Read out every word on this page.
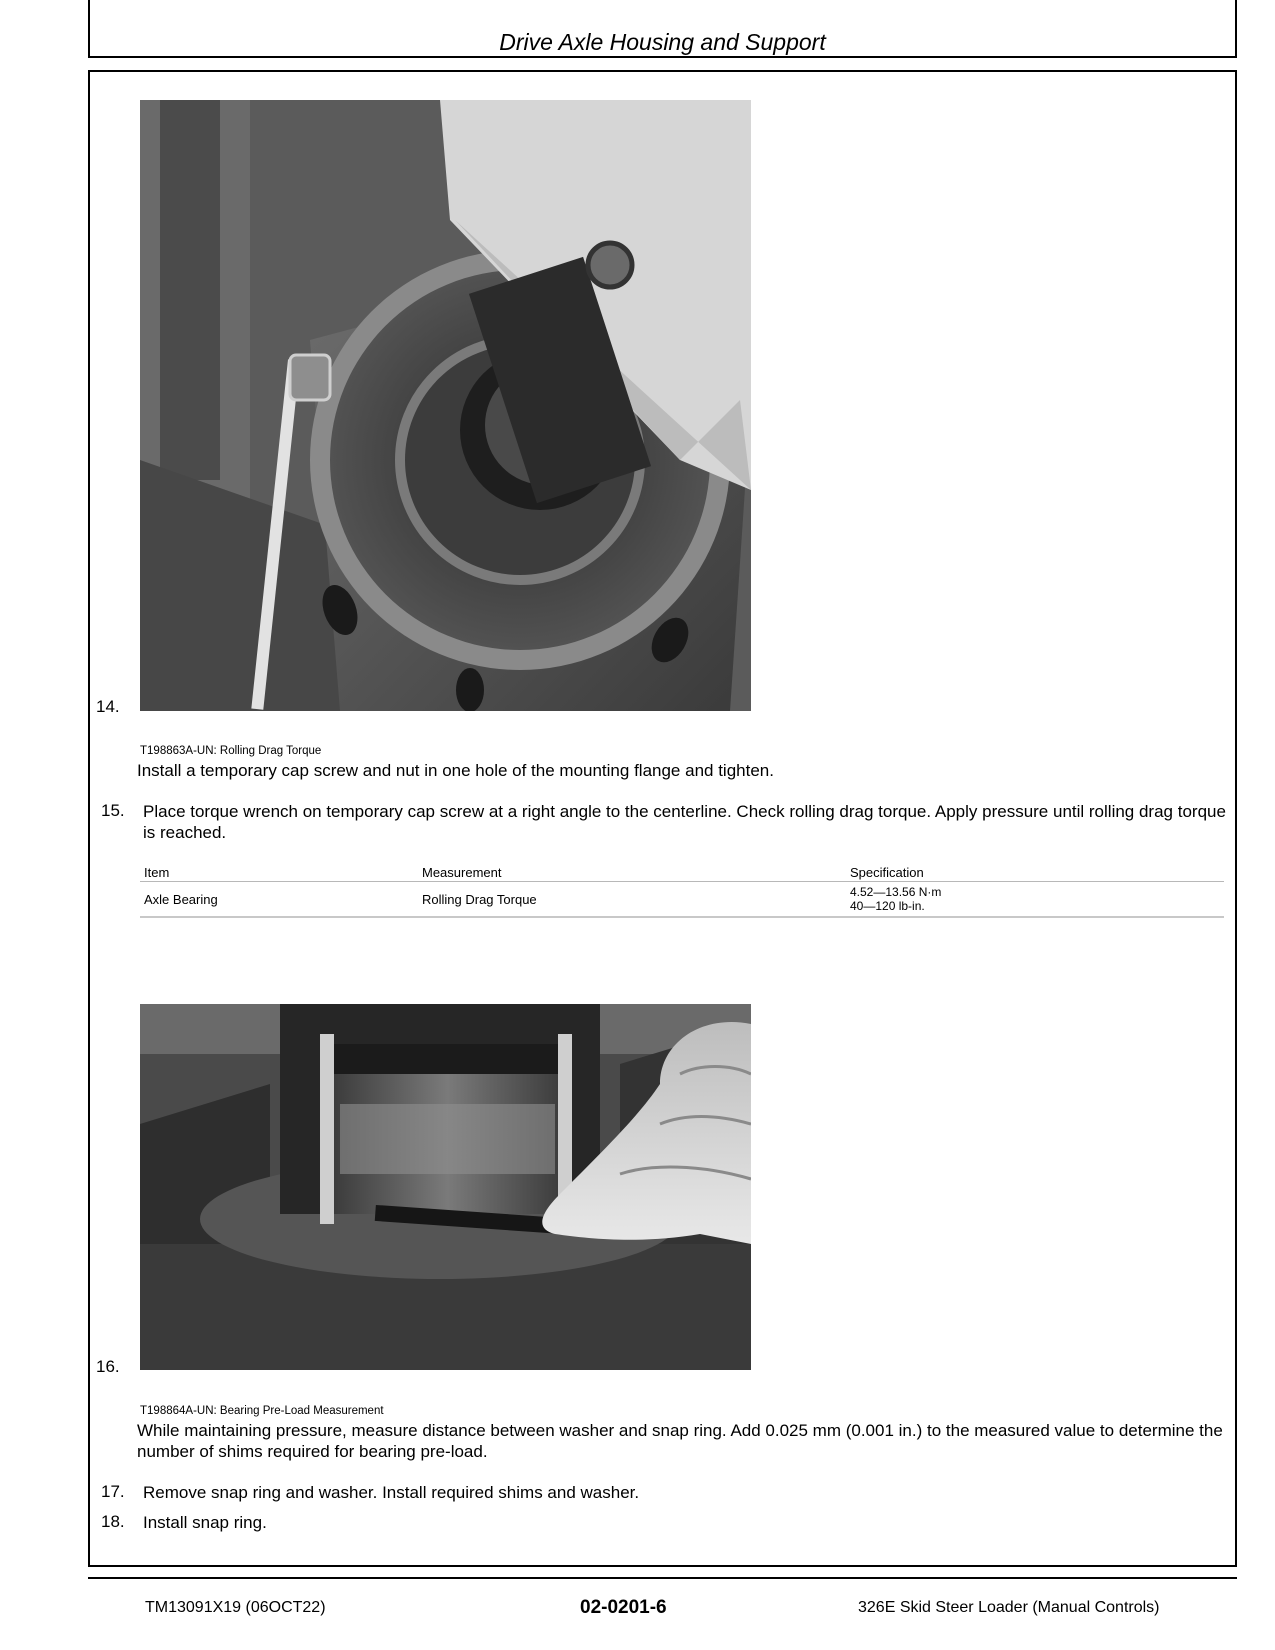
Drive Axle Housing and Support
14.
T198863A-UN: Rolling Drag Torque
Install a temporary cap screw and nut in one hole of the mounting flange and tighten.
15. Place torque wrench on temporary cap screw at a right angle to the centerline. Check rolling drag torque. Apply pressure until rolling drag torque is reached.
Item	Measurement	Specification
Axle Bearing	Rolling Drag Torque	4.52—13.56 N·m
40—120 lb-in.
16.
T198864A-UN: Bearing Pre-Load Measurement
While maintaining pressure, measure distance between washer and snap ring. Add 0.025 mm (0.001 in.) to the measured value to determine the number of shims required for bearing pre-load.
17. Remove snap ring and washer. Install required shims and washer.
18. Install snap ring.
TM13091X19 (06OCT22)	02-0201-6	326E Skid Steer Loader (Manual Controls)
